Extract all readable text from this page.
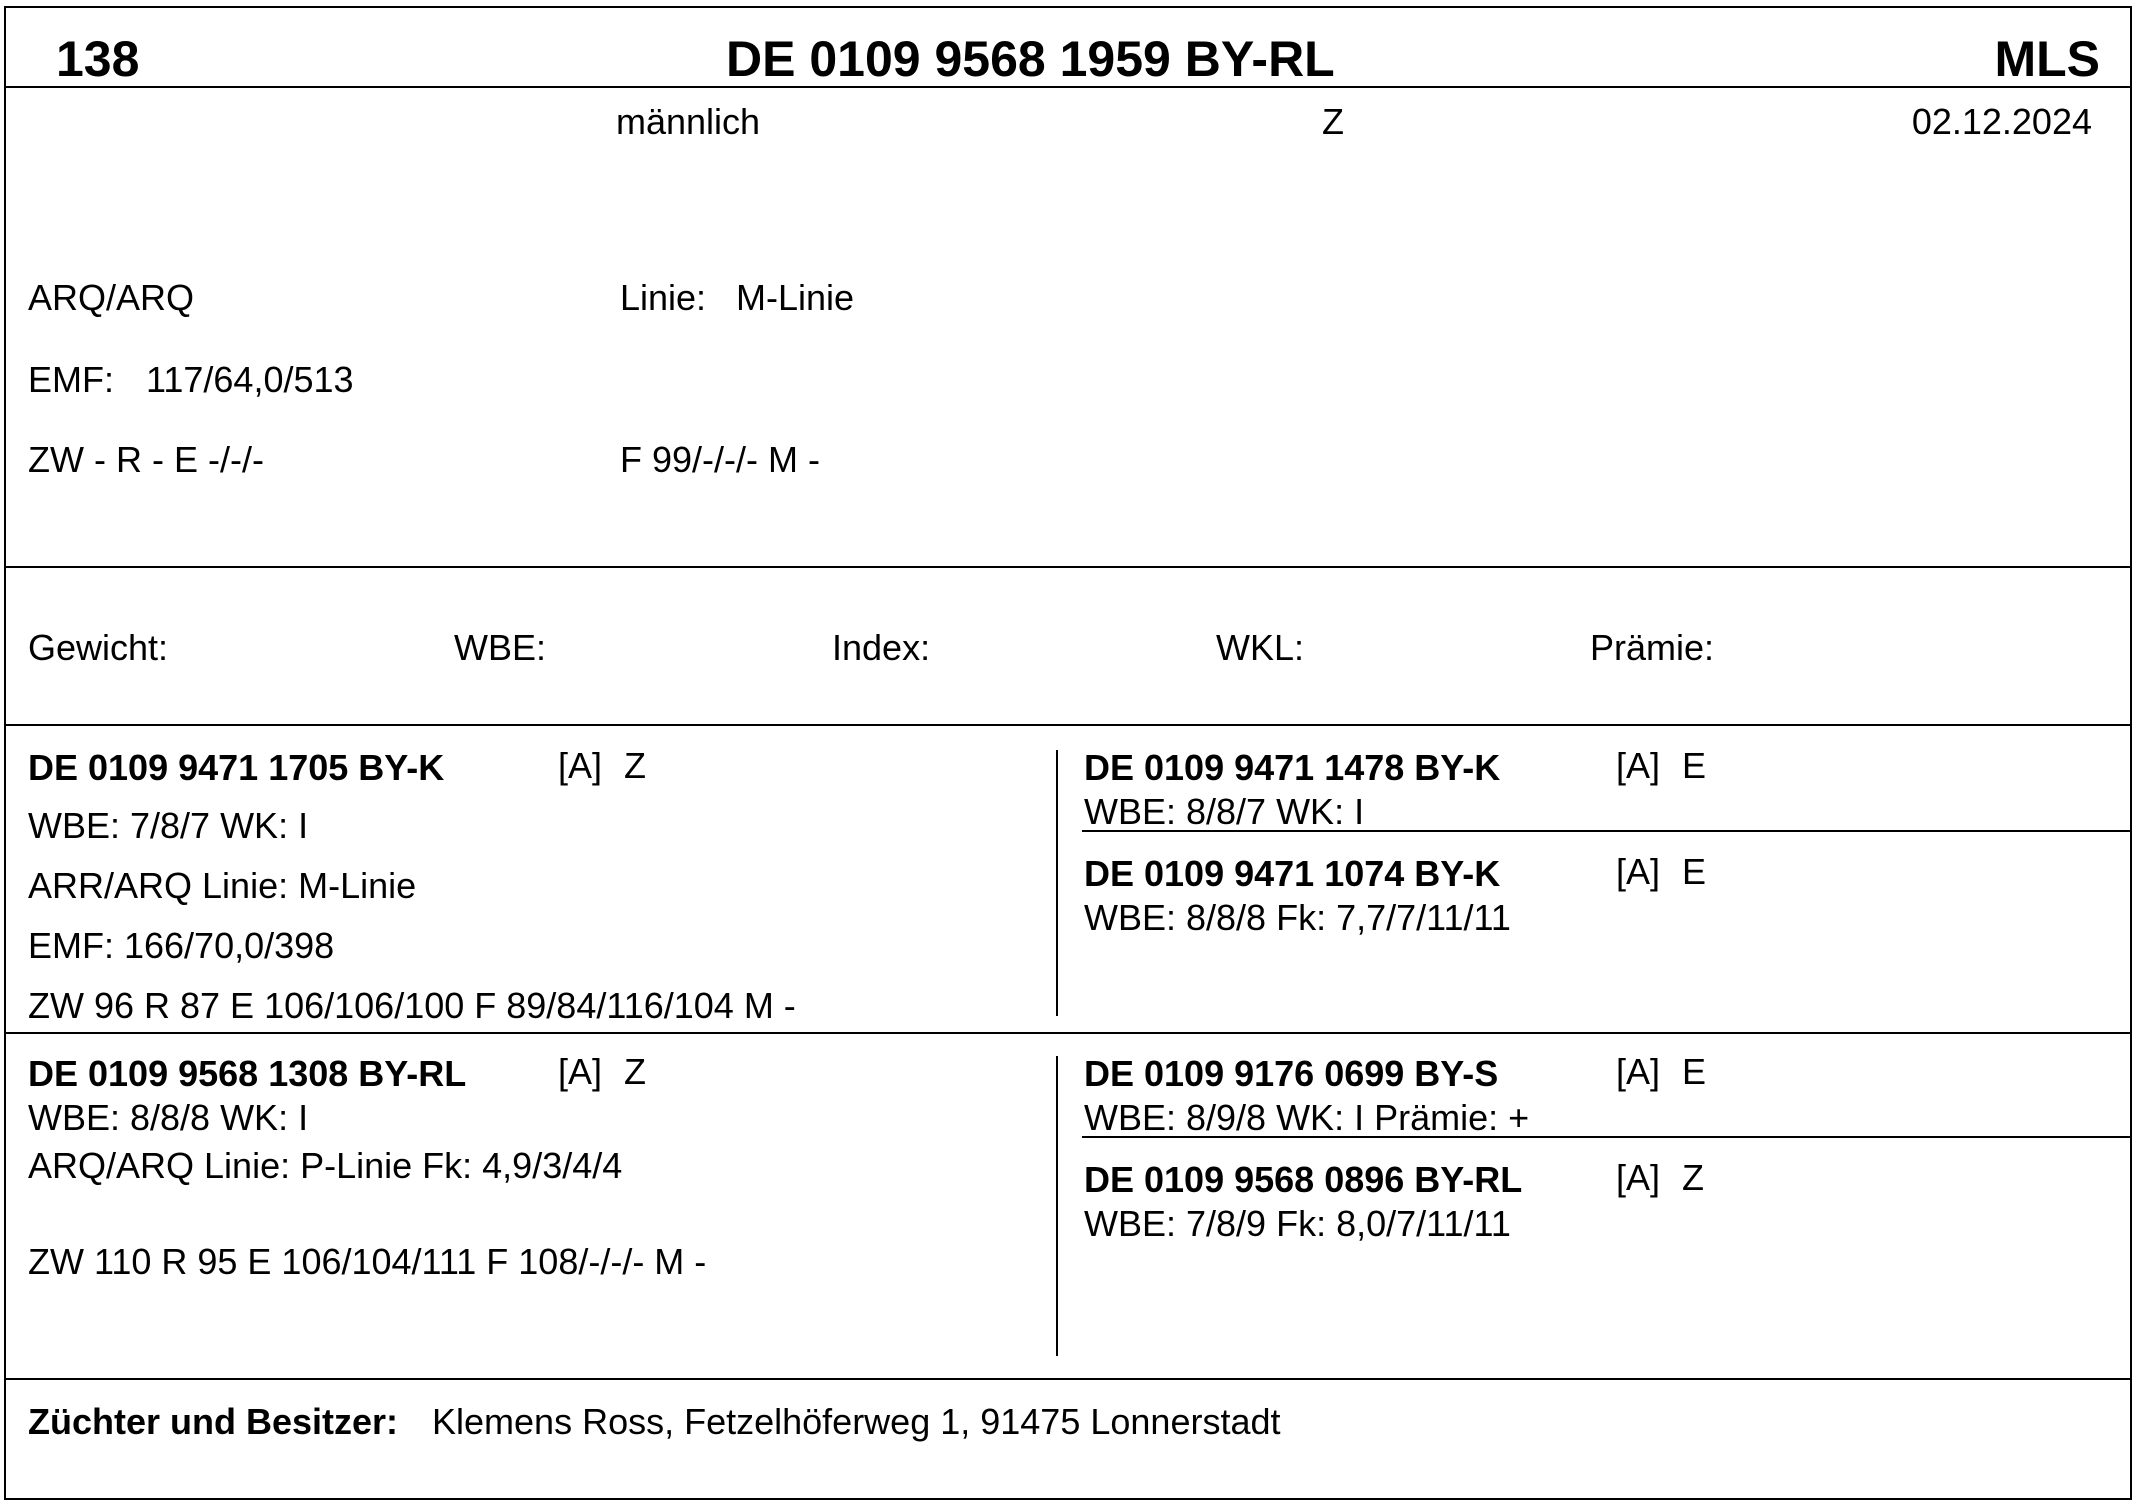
138	DE 0109 9568 1959 BY-RL	MLS
männlich	Z	02.12.2024
ARQ/ARQ	Linie: M-Linie
EMF: 117/64,0/513
ZW - R - E -/-/-	F 99/-/-/- M -
Gewicht:	WBE:	Index:	WKL:	Prämie:
DE 0109 9471 1705 BY-K	[A] Z
WBE: 7/8/7 WK: I
ARR/ARQ Linie: M-Linie
EMF: 166/70,0/398
ZW 96 R 87 E 106/106/100 F 89/84/116/104 M -
DE 0109 9471 1478 BY-K	[A] E
WBE: 8/8/7 WK: I
DE 0109 9471 1074 BY-K	[A] E
WBE: 8/8/8 Fk: 7,7/7/11/11
DE 0109 9568 1308 BY-RL	[A] Z
WBE: 8/8/8 WK: I
ARQ/ARQ Linie: P-Linie Fk: 4,9/3/4/4
ZW 110 R 95 E 106/104/111 F 108/-/-/- M -
DE 0109 9176 0699 BY-S	[A] E
WBE: 8/9/8 WK: I Prämie: +
DE 0109 9568 0896 BY-RL	[A] Z
WBE: 7/8/9 Fk: 8,0/7/11/11
Züchter und Besitzer: Klemens Ross, Fetzelhöferweg 1, 91475 Lonnerstadt
